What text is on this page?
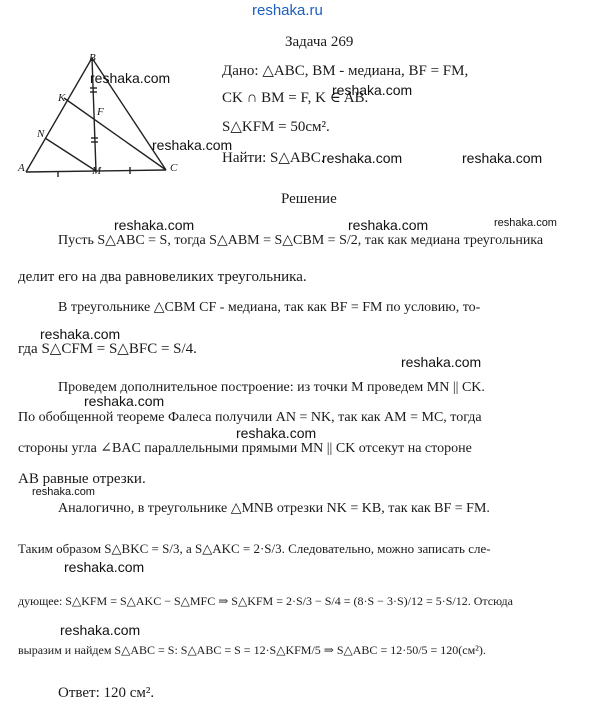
reshaka.ru
B
K
N
F
A	M	C
Задача 269
Дано: △ABC, BM - медиана, BF = FM,
CK ∩ BM = F, K ∈ AB.
S△KFM = 50см².
Найти: S△ABC.
Решение
Пусть S△ABC = S, тогда S△ABM = S△CBM = S/2, так как медиана треугольника
делит его на два равновеликих треугольника.
В треугольнике △CBM CF - медиана, так как BF = FM по условию, то-
гда S△CFM = S△BFC = S/4.
Проведем дополнительное построение: из точки M проведем MN || CK.
По обобщенной теореме Фалеса получили AN = NK, так как AM = MC, тогда
стороны угла ∠BAC параллельными прямыми MN || CK отсекут на стороне
AB равные отрезки.
Аналогично, в треугольнике △MNB отрезки NK = KB, так как BF = FM.
Таким образом S△BKC = S/3, а S△AKC = 2·S/3. Следовательно, можно записать сле-
дующее: S△KFM = S△AKC − S△MFC ⇒ S△KFM = 2·S/3 − S/4 = (8·S − 3·S)/12 = 5·S/12. Отсюда
выразим и найдем S△ABC = S: S△ABC = S = 12·S△KFM/5 ⇒ S△ABC = 12·50/5 = 120(см²).
Ответ: 120 см².
reshaka.com
reshaka.com
reshaka.com
reshaka.com	reshaka.com
reshaka.com	reshaka.com	reshaka.com
reshaka.com
reshaka.com
reshaka.com
reshaka.com
reshaka.com
reshaka.com
reshaka.com
